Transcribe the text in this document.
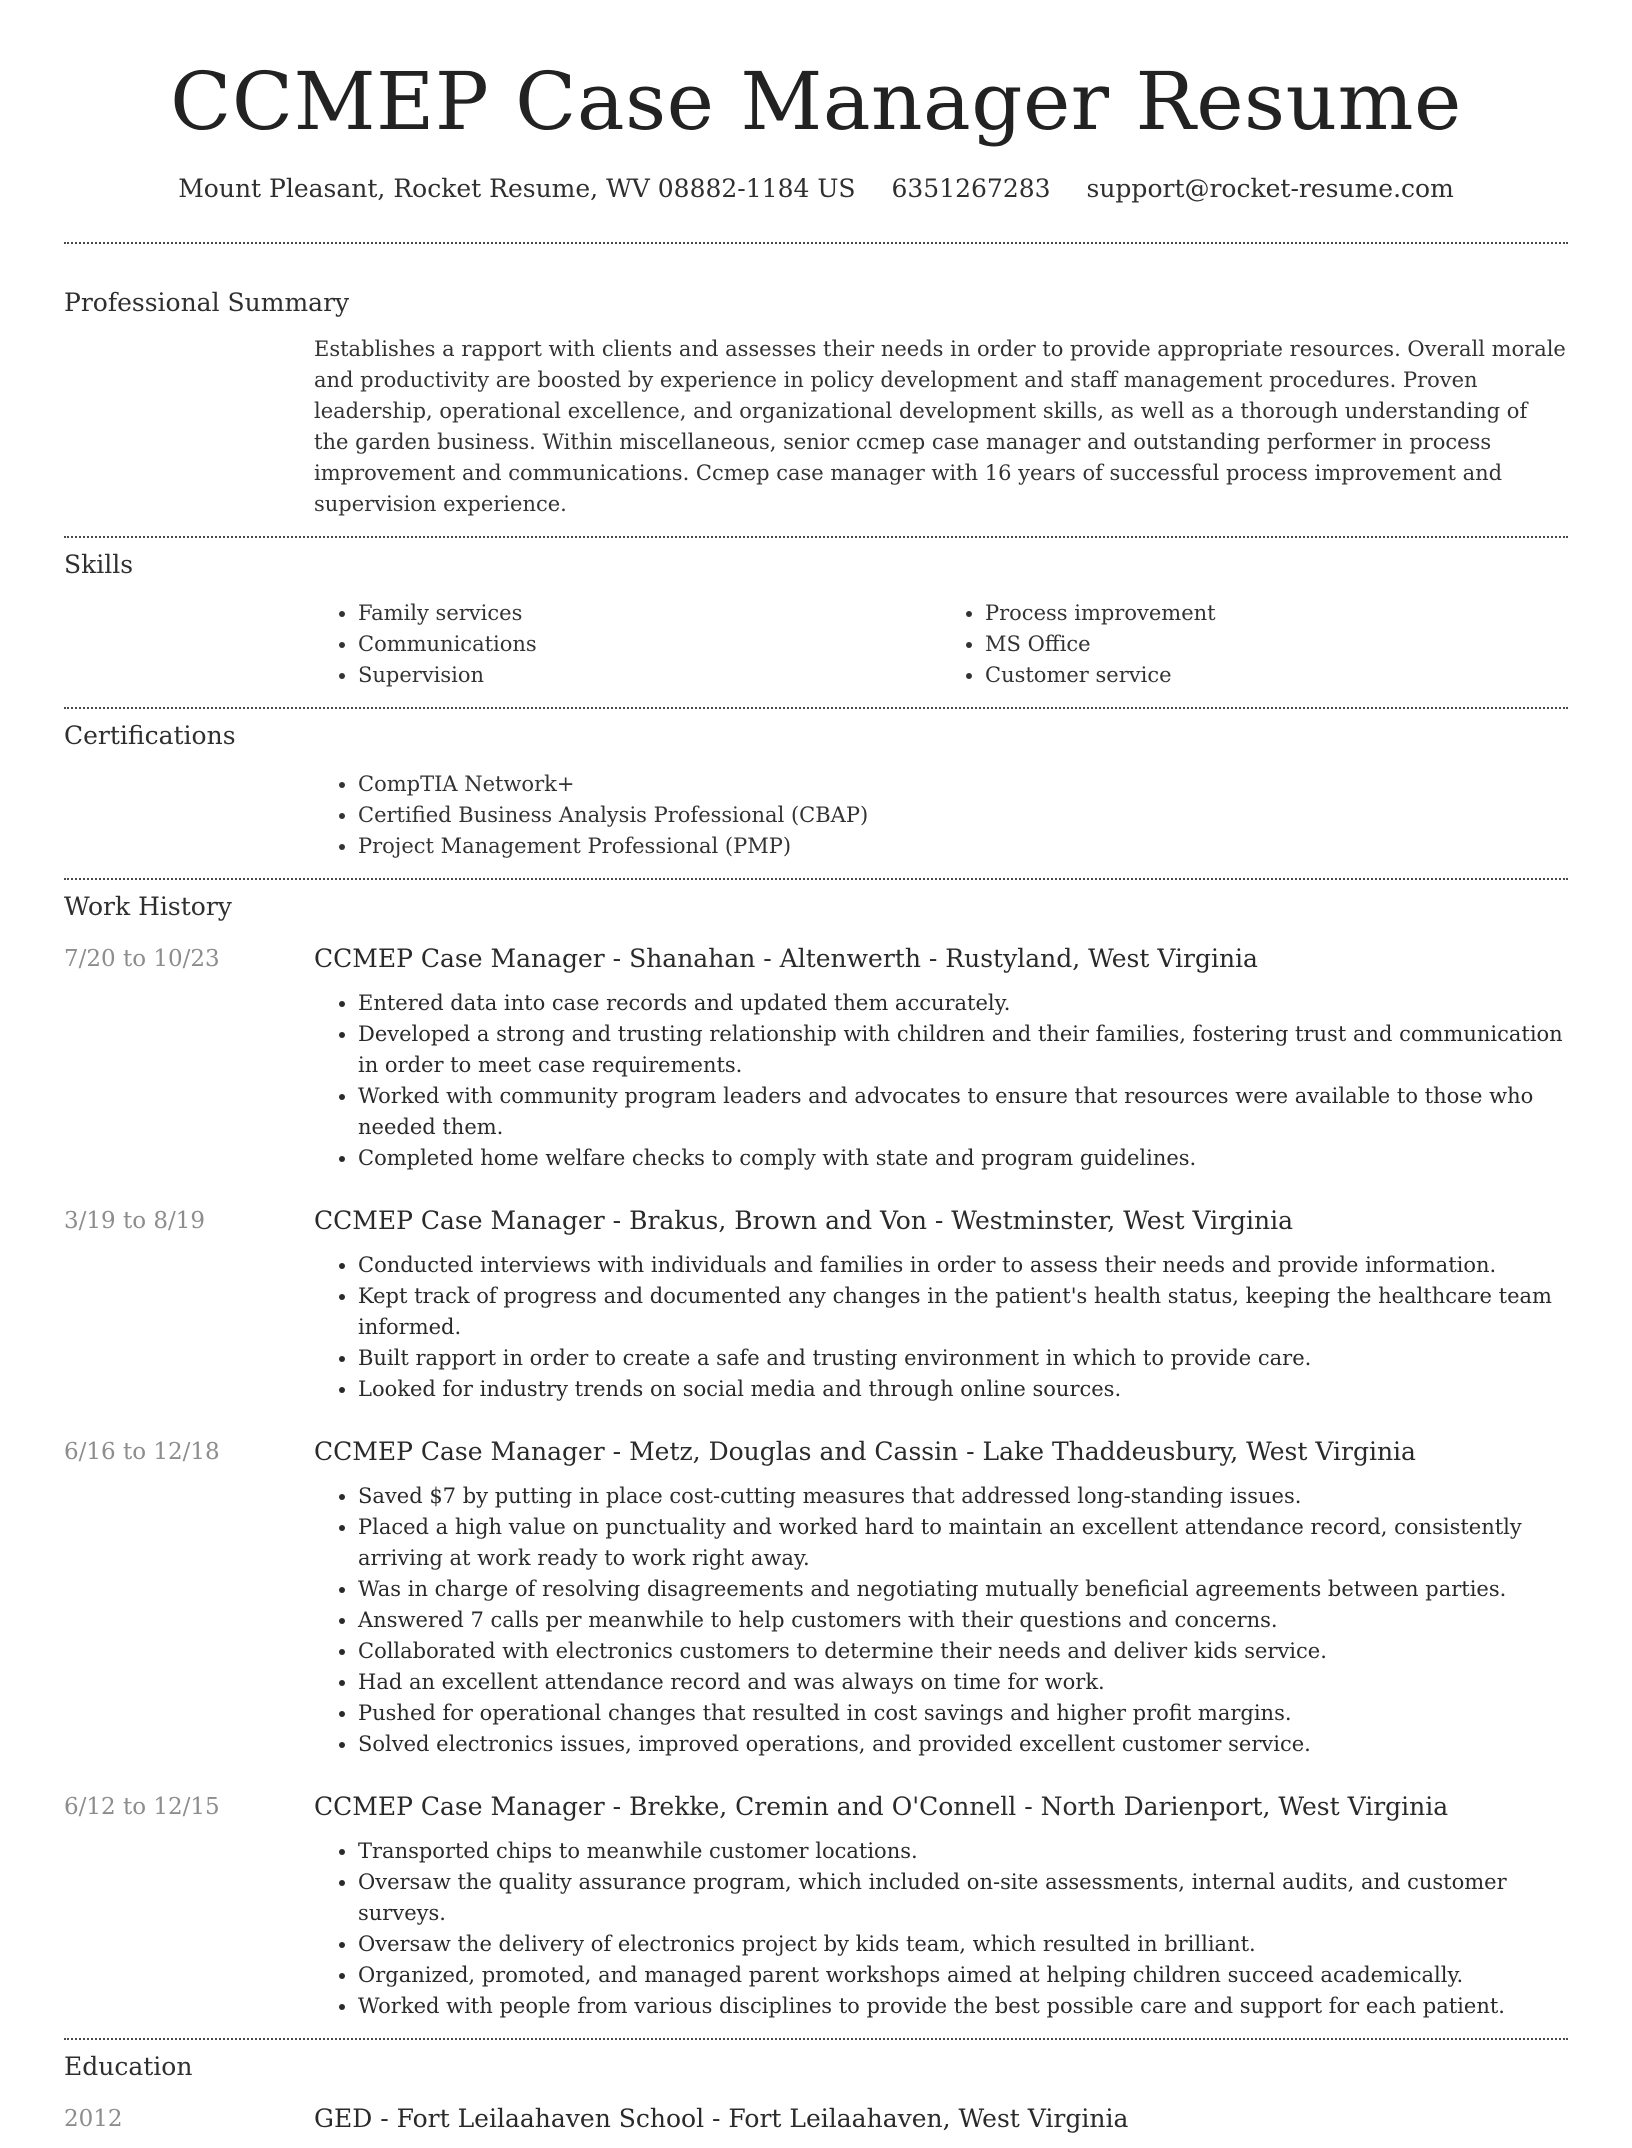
CCMEP Case Manager Resume
Mount Pleasant, Rocket Resume, WV 08882-1184 US 6351267283 support@rocket-resume.com
Professional Summary

Establishes a rapport with clients and assesses their needs in order to provide appropriate resources. Overall morale and productivity are boosted by experience in policy development and staff management procedures. Proven leadership, operational excellence, and organizational development skills, as well as a thorough understanding of the garden business. Within miscellaneous, senior ccmep case manager and outstanding performer in process improvement and communications. Ccmep case manager with 16 years of successful process improvement and supervision experience.

Skills
• Family services
• Communications
• Supervision
• Process improvement
• MS Office
• Customer service
Certifications
• CompTIA Network+
• Certified Business Analysis Professional (CBAP)
• Project Management Professional (PMP)
Work History
7/20 to 10/23	CCMEP Case Manager - Shanahan - Altenwerth - Rustyland, West Virginia
• Entered data into case records and updated them accurately.
• Developed a strong and trusting relationship with children and their families, fostering trust and communication in order to meet case requirements.
• Worked with community program leaders and advocates to ensure that resources were available to those who needed them.
• Completed home welfare checks to comply with state and program guidelines.
3/19 to 8/19	CCMEP Case Manager - Brakus, Brown and Von - Westminster, West Virginia
• Conducted interviews with individuals and families in order to assess their needs and provide information.
• Kept track of progress and documented any changes in the patient's health status, keeping the healthcare team informed.
• Built rapport in order to create a safe and trusting environment in which to provide care.
• Looked for industry trends on social media and through online sources.
6/16 to 12/18	CCMEP Case Manager - Metz, Douglas and Cassin - Lake Thaddeusbury, West Virginia
• Saved $7 by putting in place cost-cutting measures that addressed long-standing issues.
• Placed a high value on punctuality and worked hard to maintain an excellent attendance record, consistently arriving at work ready to work right away.
• Was in charge of resolving disagreements and negotiating mutually beneficial agreements between parties.
• Answered 7 calls per meanwhile to help customers with their questions and concerns.
• Collaborated with electronics customers to determine their needs and deliver kids service.
• Had an excellent attendance record and was always on time for work.
• Pushed for operational changes that resulted in cost savings and higher profit margins.
• Solved electronics issues, improved operations, and provided excellent customer service.
6/12 to 12/15	CCMEP Case Manager - Brekke, Cremin and O'Connell - North Darienport, West Virginia
• Transported chips to meanwhile customer locations.
• Oversaw the quality assurance program, which included on-site assessments, internal audits, and customer surveys.
• Oversaw the delivery of electronics project by kids team, which resulted in brilliant.
• Organized, promoted, and managed parent workshops aimed at helping children succeed academically.
• Worked with people from various disciplines to provide the best possible care and support for each patient.
Education
2012	GED - Fort Leilaahaven School - Fort Leilaahaven, West Virginia
